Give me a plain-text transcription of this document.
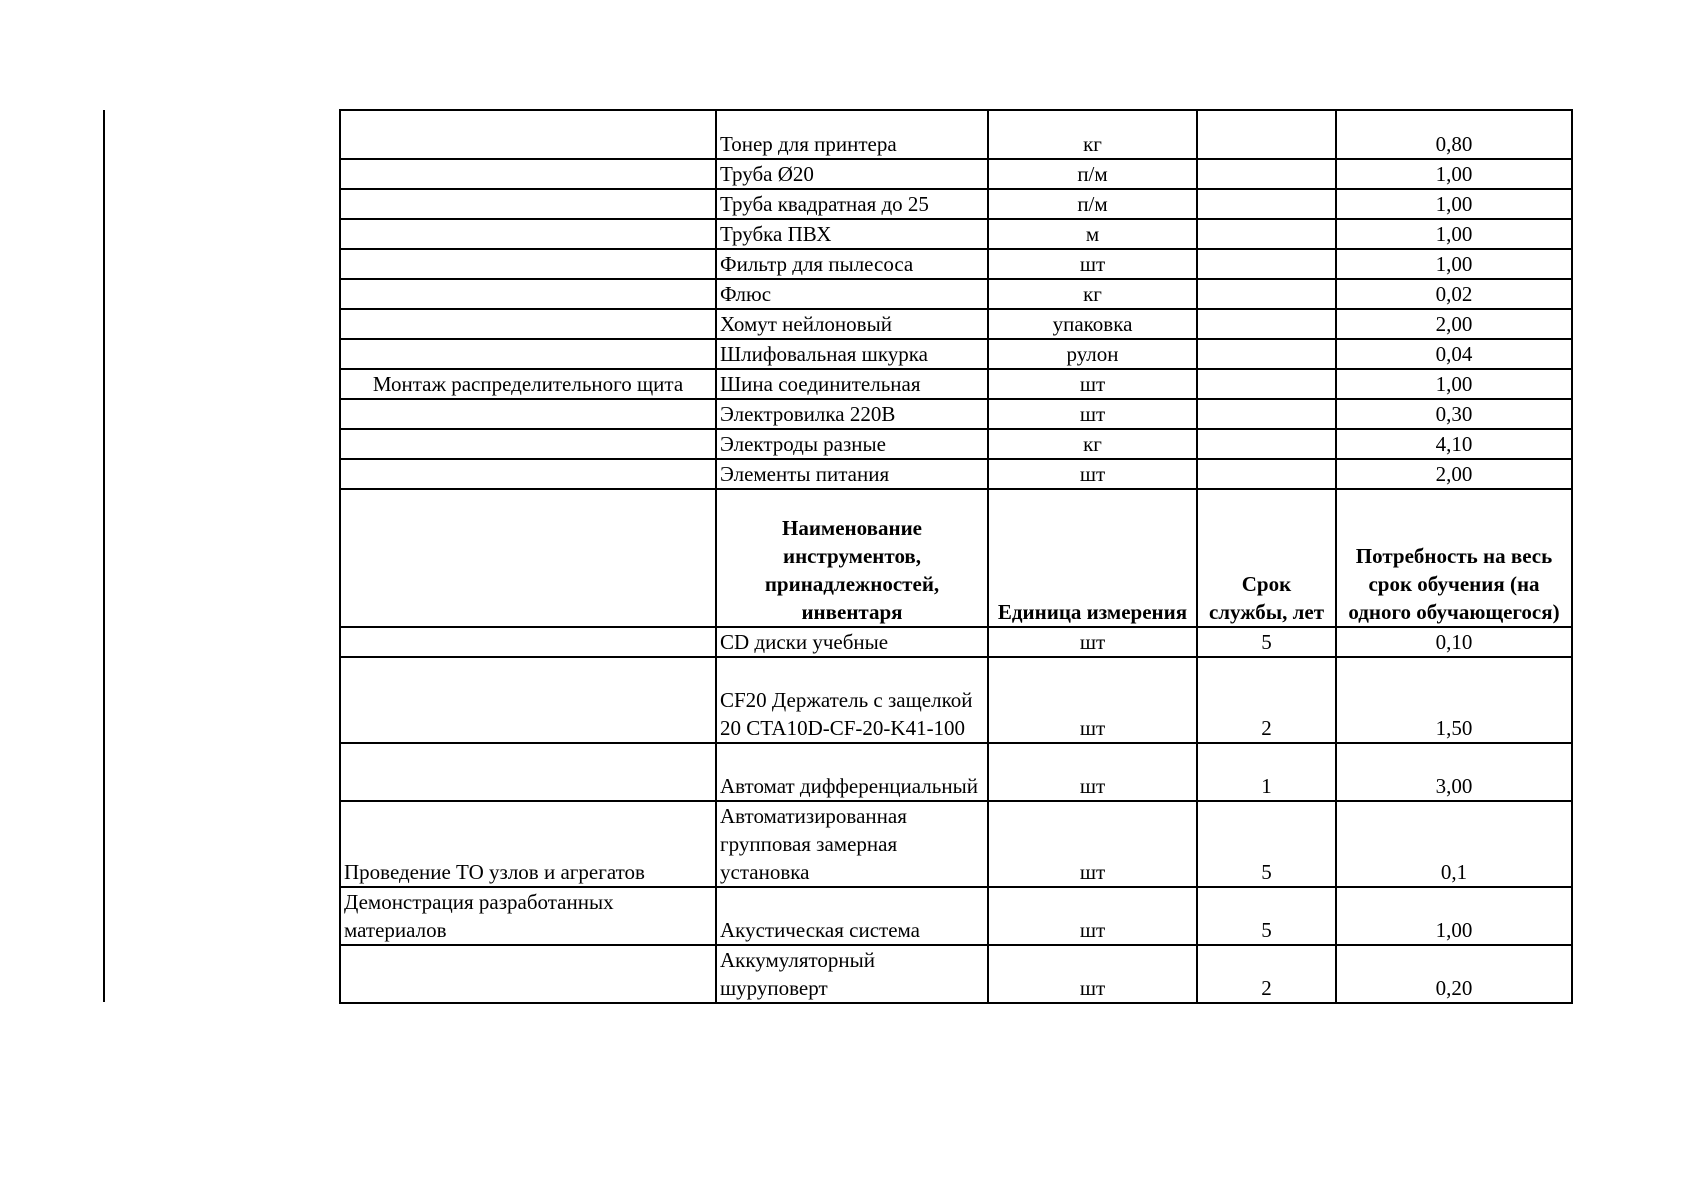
	Тонер для принтера	кг		0,80
	Труба Ø20	п/м		1,00
	Труба квадратная до 25	п/м		1,00
	Трубка ПВХ	м		1,00
	Фильтр для пылесоса	шт		1,00
	Флюс	кг		0,02
	Хомут нейлоновый	упаковка		2,00
	Шлифовальная шкурка	рулон		0,04
Монтаж распределительного щита	Шина соединительная	шт		1,00
	Электровилка 220В	шт		0,30
	Электроды разные	кг		4,10
	Элементы питания	шт		2,00
	Наименование инструментов, принадлежностей, инвентаря	Единица измерения	Срок службы, лет	Потребность на весь срок обучения (на одного обучающегося)
	CD диски учебные	шт	5	0,10
	CF20 Держатель с защелкой 20 CTA10D-CF-20-K41-100	шт	2	1,50
	Автомат дифференциальный	шт	1	3,00
Проведение ТО узлов и агрегатов	Автоматизированная групповая замерная установка	шт	5	0,1
Демонстрация разработанных материалов	Акустическая система	шт	5	1,00
	Аккумуляторный шуруповерт	шт	2	0,20
